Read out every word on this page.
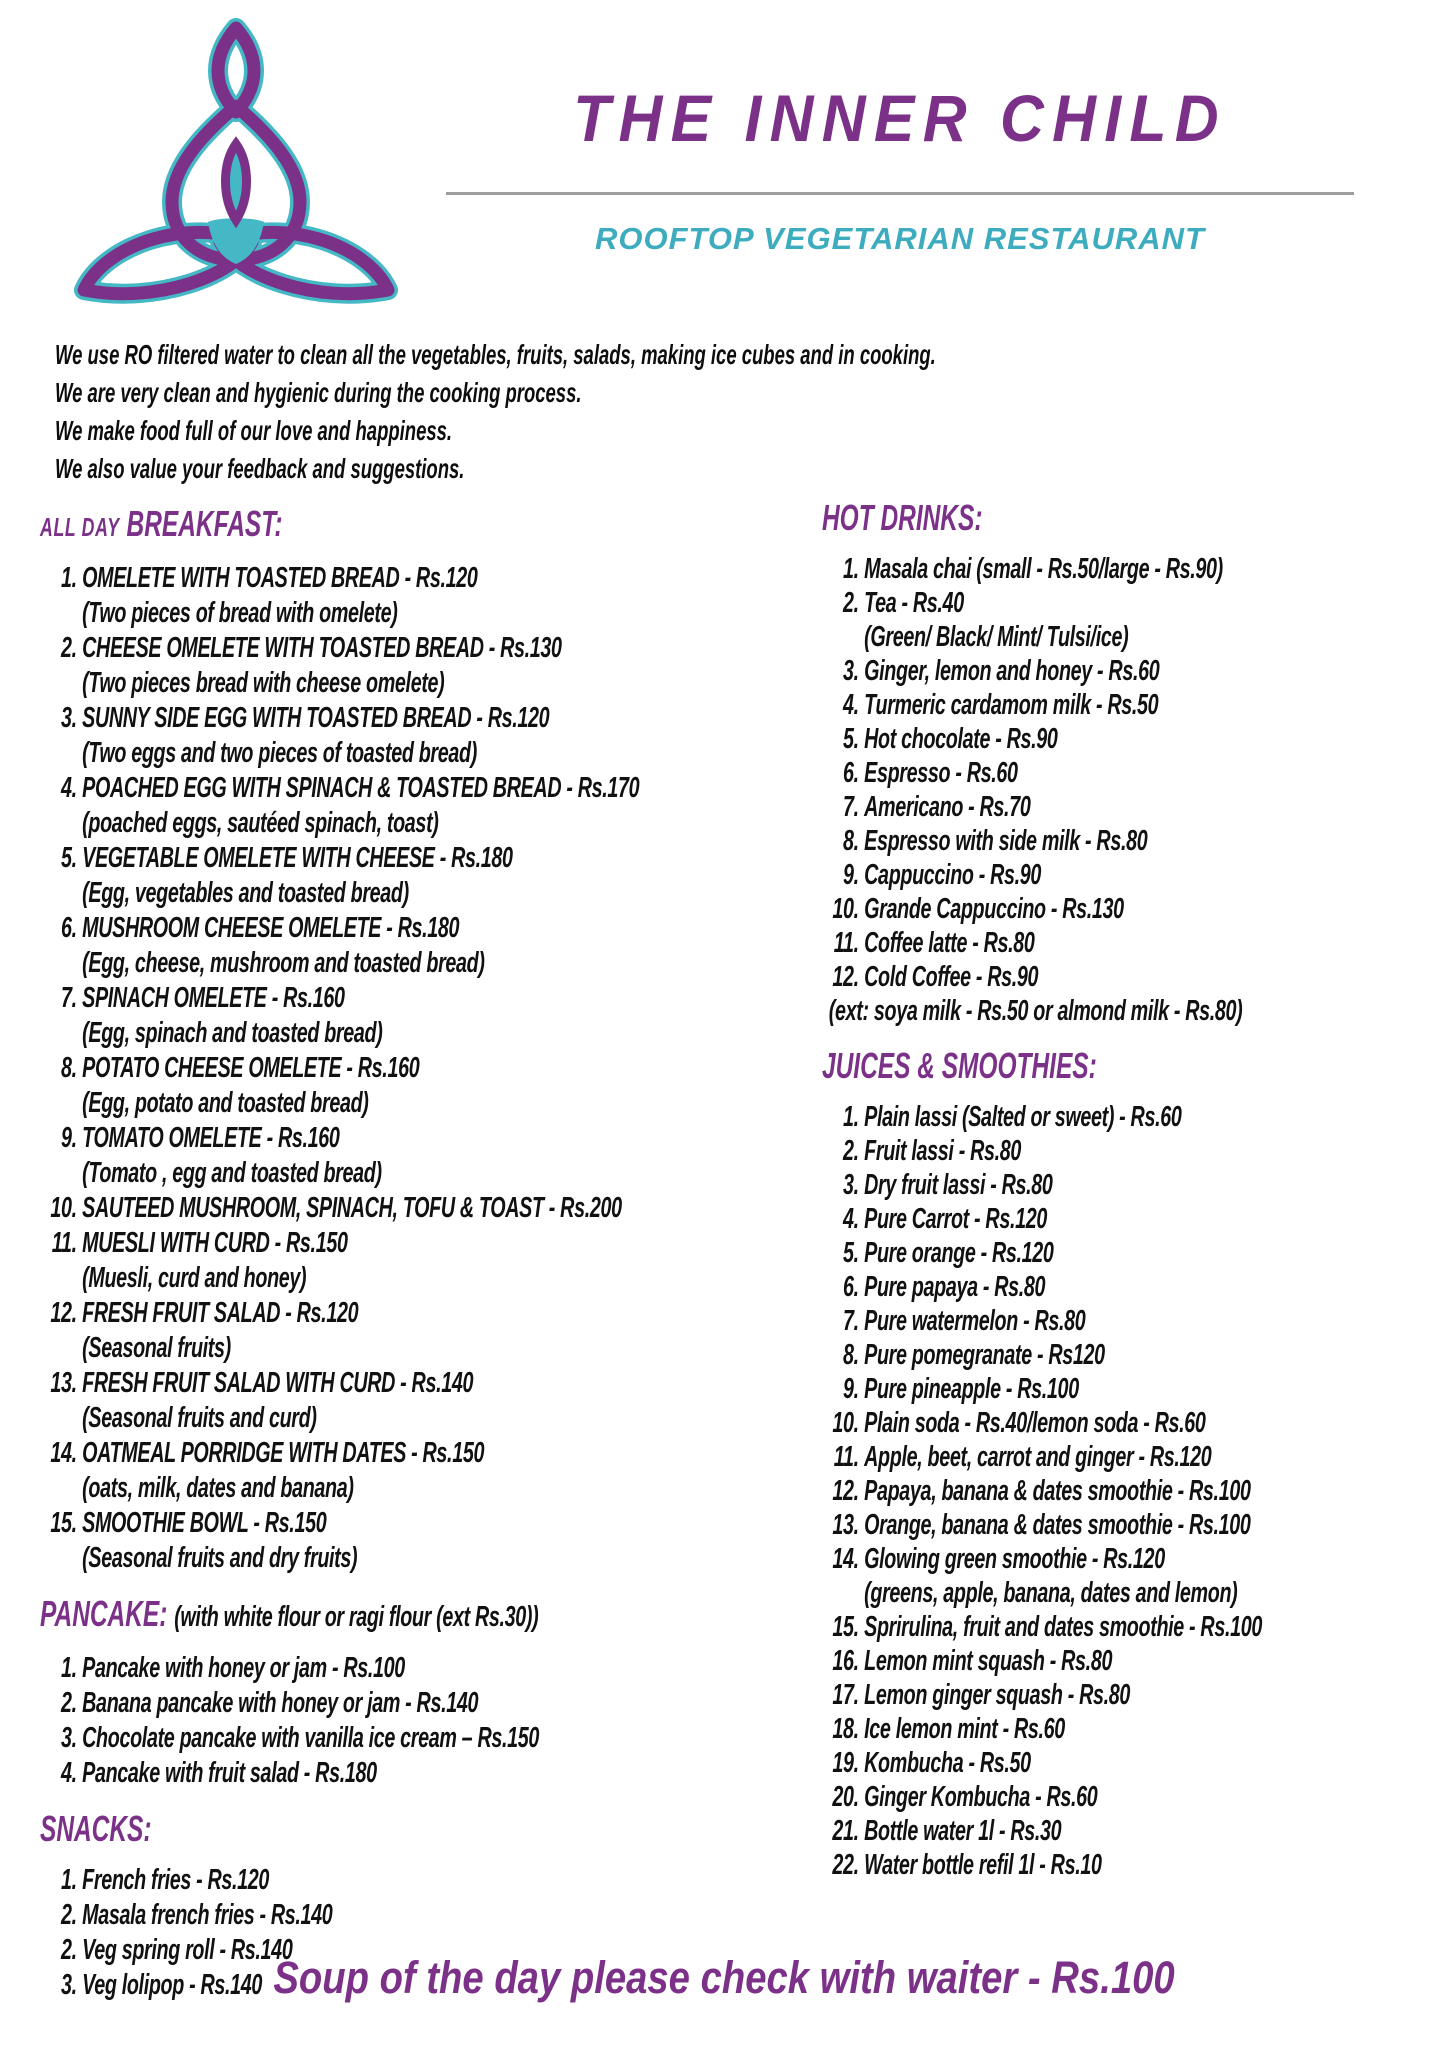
THE INNER CHILD
ROOFTOP VEGETARIAN RESTAURANT
We use RO filtered water to clean all the vegetables, fruits, salads, making ice cubes and in cooking.
We are very clean and hygienic during the cooking process.
We make food full of our love and happiness.
We also value your feedback and suggestions.
ALL DAY BREAKFAST:
1. OMELETE WITH TOASTED BREAD - Rs.120
(Two pieces of bread with omelete)
2. CHEESE OMELETE WITH TOASTED BREAD - Rs.130
(Two pieces bread with cheese omelete)
3. SUNNY SIDE EGG WITH TOASTED BREAD - Rs.120
(Two eggs and two pieces of toasted bread)
4. POACHED EGG WITH SPINACH & TOASTED BREAD - Rs.170
(poached eggs, sautéed spinach, toast)
5. VEGETABLE OMELETE WITH CHEESE - Rs.180
(Egg, vegetables and toasted bread)
6. MUSHROOM CHEESE OMELETE - Rs.180
(Egg, cheese, mushroom and toasted bread)
7. SPINACH OMELETE - Rs.160
(Egg, spinach and toasted bread)
8. POTATO CHEESE OMELETE - Rs.160
(Egg, potato and toasted bread)
9. TOMATO OMELETE - Rs.160
(Tomato , egg and toasted bread)
10. SAUTEED MUSHROOM, SPINACH, TOFU & TOAST - Rs.200
11. MUESLI WITH CURD - Rs.150
(Muesli, curd and honey)
12. FRESH FRUIT SALAD - Rs.120
(Seasonal fruits)
13. FRESH FRUIT SALAD WITH CURD - Rs.140
(Seasonal fruits and curd)
14. OATMEAL PORRIDGE WITH DATES - Rs.150
(oats, milk, dates and banana)
15. SMOOTHIE BOWL - Rs.150
(Seasonal fruits and dry fruits)
PANCAKE: (with white flour or ragi flour (ext Rs.30))
1. Pancake with honey or jam - Rs.100
2. Banana pancake with honey or jam - Rs.140
3. Chocolate pancake with vanilla ice cream – Rs.150
4. Pancake with fruit salad - Rs.180
SNACKS:
1. French fries - Rs.120
2. Masala french fries - Rs.140
2. Veg spring roll - Rs.140
3. Veg lolipop - Rs.140
HOT DRINKS:
1. Masala chai (small - Rs.50/large - Rs.90)
2. Tea - Rs.40
(Green/ Black/ Mint/ Tulsi/ice)
3. Ginger, lemon and honey - Rs.60
4. Turmeric cardamom milk - Rs.50
5. Hot chocolate - Rs.90
6. Espresso - Rs.60
7. Americano - Rs.70
8. Espresso with side milk - Rs.80
9. Cappuccino - Rs.90
10. Grande Cappuccino - Rs.130
11. Coffee latte - Rs.80
12. Cold Coffee - Rs.90
(ext: soya milk - Rs.50 or almond milk - Rs.80)
JUICES & SMOOTHIES:
1. Plain lassi (Salted or sweet) - Rs.60
2. Fruit lassi - Rs.80
3. Dry fruit lassi - Rs.80
4. Pure Carrot - Rs.120
5. Pure orange - Rs.120
6. Pure papaya - Rs.80
7. Pure watermelon - Rs.80
8. Pure pomegranate - Rs120
9. Pure pineapple - Rs.100
10. Plain soda - Rs.40/lemon soda - Rs.60
11. Apple, beet, carrot and ginger - Rs.120
12. Papaya, banana & dates smoothie - Rs.100
13. Orange, banana & dates smoothie - Rs.100
14. Glowing green smoothie - Rs.120
(greens, apple, banana, dates and lemon)
15. Sprirulina, fruit and dates smoothie - Rs.100
16. Lemon mint squash - Rs.80
17. Lemon ginger squash - Rs.80
18. Ice lemon mint - Rs.60
19. Kombucha - Rs.50
20. Ginger Kombucha - Rs.60
21. Bottle water 1l - Rs.30
22. Water bottle refil 1l - Rs.10
Soup of the day please check with waiter - Rs.100
